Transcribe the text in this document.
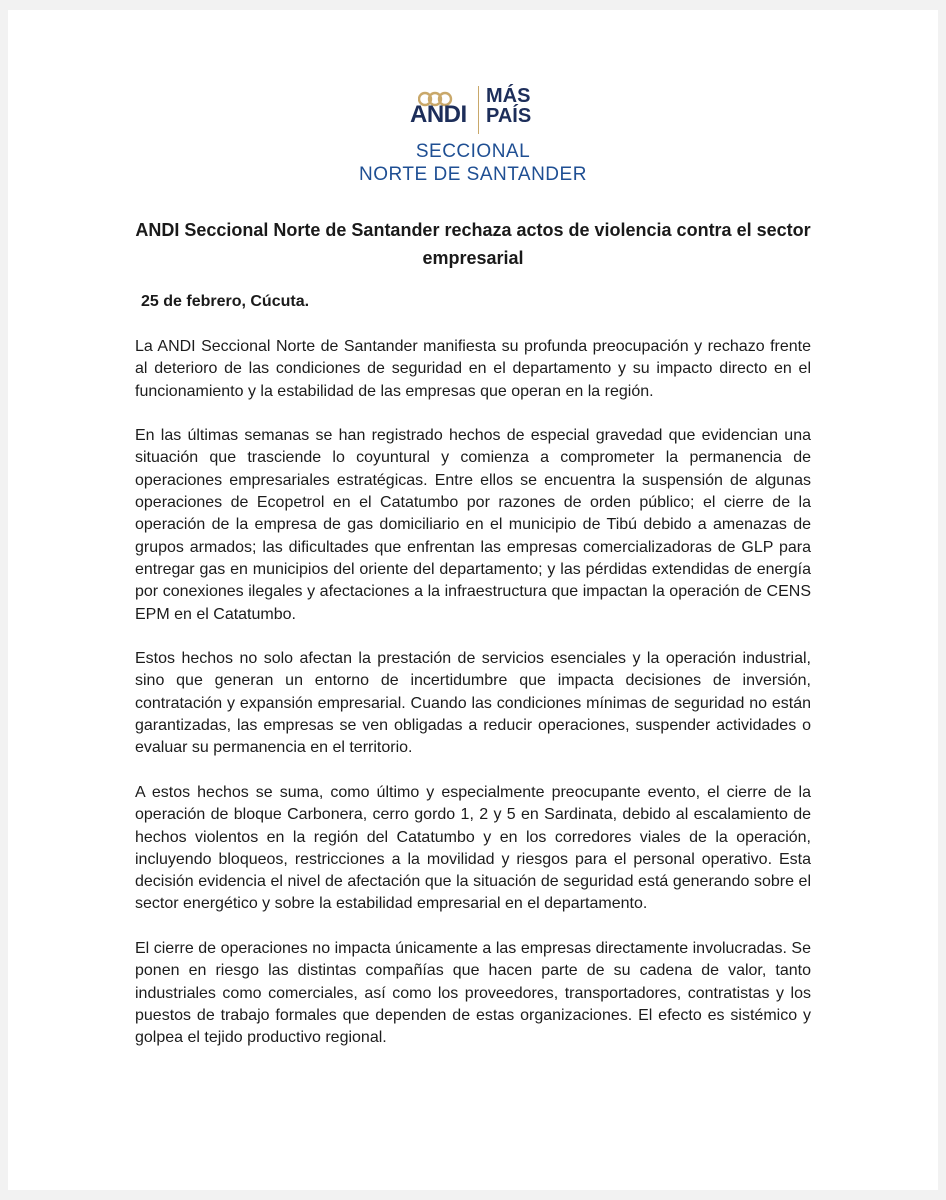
ANDI
MÁS
PAÍS
SECCIONAL
NORTE DE SANTANDER
ANDI Seccional Norte de Santander rechaza actos de violencia contra el sector empresarial
25 de febrero, Cúcuta.

La ANDI Seccional Norte de Santander manifiesta su profunda preocupación y rechazo frente al deterioro de las condiciones de seguridad en el departamento y su impacto directo en el funcionamiento y la estabilidad de las empresas que operan en la región.

En las últimas semanas se han registrado hechos de especial gravedad que evidencian una situación que trasciende lo coyuntural y comienza a comprometer la permanencia de operaciones empresariales estratégicas. Entre ellos se encuentra la suspensión de algunas operaciones de Ecopetrol en el Catatumbo por razones de orden público; el cierre de la operación de la empresa de gas domiciliario en el municipio de Tibú debido a amenazas de grupos armados; las dificultades que enfrentan las empresas comercializadoras de GLP para entregar gas en municipios del oriente del departamento; y las pérdidas extendidas de energía por conexiones ilegales y afectaciones a la infraestructura que impactan la operación de CENS EPM en el Catatumbo.

Estos hechos no solo afectan la prestación de servicios esenciales y la operación industrial, sino que generan un entorno de incertidumbre que impacta decisiones de inversión, contratación y expansión empresarial. Cuando las condiciones mínimas de seguridad no están garantizadas, las empresas se ven obligadas a reducir operaciones, suspender actividades o evaluar su permanencia en el territorio.

A estos hechos se suma, como último y especialmente preocupante evento, el cierre de la operación de bloque Carbonera, cerro gordo 1, 2 y 5 en Sardinata, debido al escalamiento de hechos violentos en la región del Catatumbo y en los corredores viales de la operación, incluyendo bloqueos, restricciones a la movilidad y riesgos para el personal operativo. Esta decisión evidencia el nivel de afectación que la situación de seguridad está generando sobre el sector energético y sobre la estabilidad empresarial en el departamento.

El cierre de operaciones no impacta únicamente a las empresas directamente involucradas. Se ponen en riesgo las distintas compañías que hacen parte de su cadena de valor, tanto industriales como comerciales, así como los proveedores, transportadores, contratistas y los puestos de trabajo formales que dependen de estas organizaciones. El efecto es sistémico y golpea el tejido productivo regional.
